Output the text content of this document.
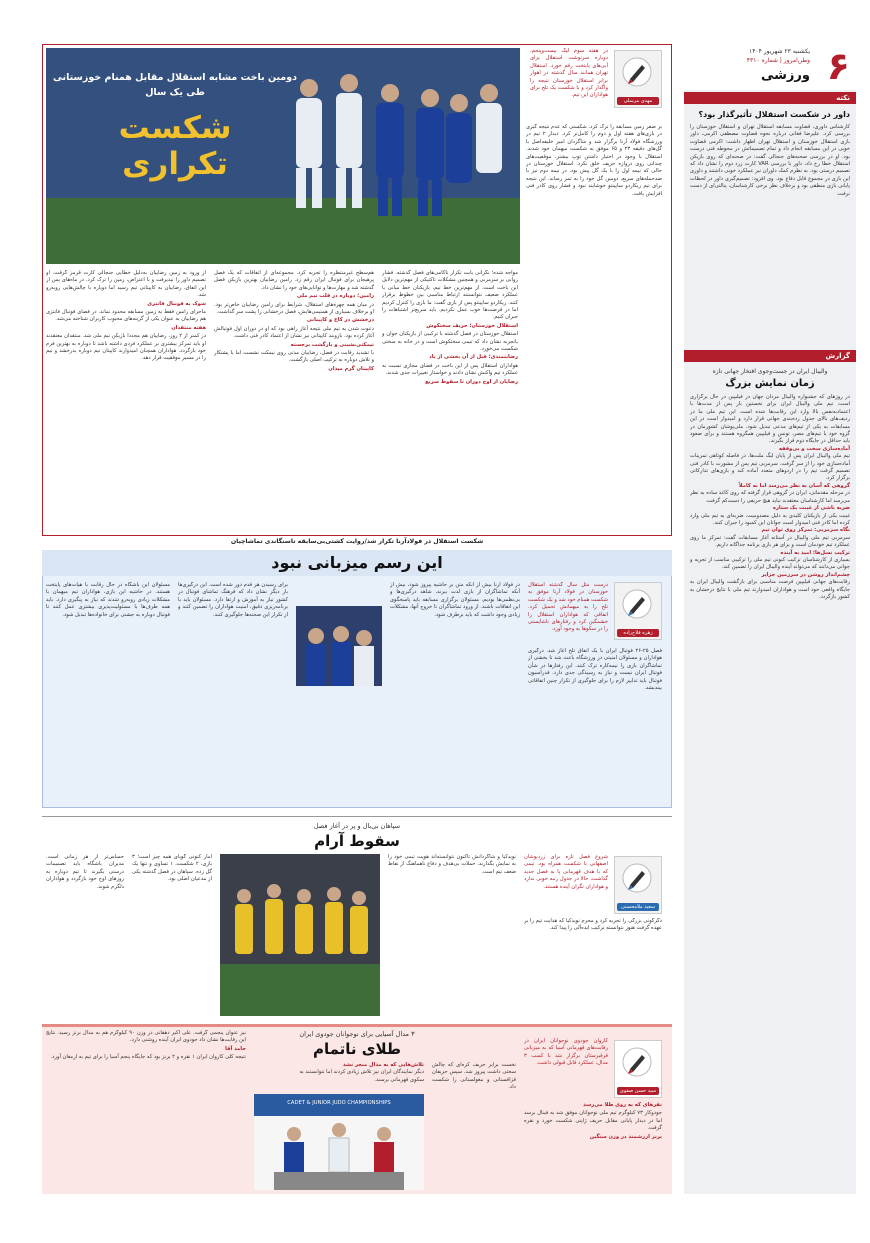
۶
یکشنبه ۲۳ شهریور ۱۴۰۴
وطن‌امروز | شماره ۴۳۱۰
ورزشی
نکته
داور در شکست استقلال تأثیرگذار بود؟
کارشناس داوری، قضاوت مسابقه استقلال تهران و استقلال خوزستان را بررسی کرد. علیرضا فغانی درباره نحوه قضاوت مصطفی اکرمی، داور بازی استقلال خوزستان و استقلال تهران اظهار داشت: اکرمی قضاوت خوبی در این مسابقه انجام داد و تمام تصمیماتش در محوطه فنی درست بود. او در بررسی صحنه‌های جنجالی گفت: در صحنه‌ای که روی بازیکن استقلال خطا رخ داد، داور با بررسی VAR کارت زرد دوم را نشان داد که تصمیم درستی بود. به نظرم کمک داوران نیز عملکرد خوبی داشتند و داوری این بازی در مجموع قابل دفاع بود. وی افزود: تصمیم‌گیری داور در لحظات پایانی بازی منطقی بود و برخلاف نظر برخی کارشناسان، پنالتی‌ای از دست نرفت.
گزارش
والیبال ایران در جست‌وجوی افتخار جهانی تازه
زمان نمایش بزرگ

در روزهای که جشنواره والیبال مردان جهان در فیلیپین در حال برگزاری است، تیم ملی والیبال ایران برای نخستین بار پس از مدت‌ها با اعتمادبه‌نفس بالا وارد این رقابت‌ها شده است. این تیم ملی ما در ردیف‌های بالای جدول رده‌بندی جهانی قرار دارد و امیدوار است در این مسابقات به یکی از تیم‌های مدعی تبدیل شود. ملی‌پوشان کشورمان در گروه خود با تیم‌های مصر، تونس و فیلیپین همگروه هستند و برای صعود باید حداقل در جایگاه دوم قرار بگیرند.

آماده‌سازی سخت و بی‌وقفه

تیم ملی والیبال ایران پس از پایان لیگ ملت‌ها، در فاصله کوتاهی تمرینات آماده‌سازی خود را از سر گرفت. سرمربی تیم پس از مشورت با کادر فنی تصمیم گرفت تیم را در اردوهای متعدد آماده کند و بازی‌های تدارکاتی برگزار کرد.

گروهی که آسان به نظر می‌رسد اما نه کاملاً

در مرحله مقدماتی، ایران در گروهی قرار گرفته که روی کاغذ ساده به نظر می‌رسد اما کارشناسان معتقدند نباید هیچ حریفی را دست‌کم گرفت.

ضربه ناشی از غیبت یک ستاره

غیبت یکی از بازیکنان کلیدی به دلیل مصدومیت، ضربه‌ای به تیم ملی وارد کرده اما کادر فنی امیدوار است جوانان این کمبود را جبران کنند.

نگاه سرمربی: تمرکز روی توان تیم

سرمربی تیم ملی والیبال در آستانه آغاز مسابقات گفت: تمرکز ما روی عملکرد تیم خودمان است و برای هر بازی برنامه جداگانه داریم.

ترکیب نسل‌ها؛ امید به آینده

بسیاری از کارشناسان ترکیب کنونی تیم ملی را ترکیبی مناسب از تجربه و جوانی می‌دانند که می‌تواند آینده والیبال ایران را تضمین کند.

چشم‌انداز روشن در سرزمین جزایر

رقابت‌های جهانی فیلیپین فرصت مناسبی برای بازگشت والیبال ایران به جایگاه واقعی خود است و هواداران امیدوارند تیم ملی با نتایج درخشان به کشور بازگردد.

مهدی مرسلی
در هفته سوم لیگ بیست‌وپنجم، دوباره سرنوشت استقلال برای آبی‌های پایتخت رقم خورد. استقلال تهران همانند سال گذشته در اهواز برابر استقلال خوزستان نتیجه را واگذار کرد و با شکست یک تلخ برای هواداران این تیم.
دومین باخت مشابه استقلال مقابل همنام خوزستانی طی یک سال
شکست تکراری

بر صفر زمین مسابقه را ترک کرد. شکستی که عدم نتیجه گیری در بازی‌های هفته اول و دوم را کامل‌تر کرد. دیدار ۲ تیم در ورزشگاه فولاد آرنا برگزار شد و شاگردان امیر خلیفه‌اصل با گل‌های دقیقه ۲۳ و ۶۵ موفق به شکست میهمان خود شدند. استقلال با وجود در اختیار داشتن توپ بیشتر، موقعیت‌های چندانی روی دروازه حریف خلق نکرد. استقلال خوزستان در حالی که نیمه اول را با یک گل پیش بود، در نیمه دوم نیز با ضدحمله‌های سریع، دومین گل خود را به ثمر رساند. این نتیجه برای تیم ریکاردو ساپینتو خوشایند نبود و فشار روی کادر فنی افزایش یافت.

مواجه شده؛ نگرانی بابت تکرار ناکامی‌های فصل گذشته. فشار روانی بر سرمربی و همچنین مشکلات تاکتیکی از مهم‌ترین دلایل این باخت است. از مهم‌ترین خط تیم، بازیکنان خط میانی با عملکرد ضعیف نتوانستند ارتباط مناسبی بین خطوط برقرار کنند. ریکاردو ساپینتو پس از بازی گفت: ما بازی را کنترل کردیم اما در فرصت‌ها خوب عمل نکردیم. باید سریع‌تر اشتباهات را جبران کنیم.

استقلال خوزستان؛ حریف سختکوش

استقلال خوزستان در فصل گذشته با ترکیبی از بازیکنان جوان و باتجربه نشان داد که تیمی سختکوش است و در خانه به سختی شکست می‌خورد.

رضایتمندی؛ قبل از آن بخشی از یاد

هواداران استقلال پس از این باخت در فضای مجازی نسبت به عملکرد تیم واکنش نشان دادند و خواستار تغییرات جدی شدند.

رضایان از اوج دوران تا سقوط سریع

هم‌سطح غیرمنتظره را تجربه کرد. مجموعه‌ای از اتفاقات که یک فصل پرهیجان برای فوتبال ایران رقم زد. رامین رضاییان بهترین بازیکن فصل گذشته شد و مهارت‌ها و توانایی‌های خود را نشان داد.

رامین؛ دوباره در قلب تیم ملی

در میان همه چهره‌های استقلال، شرایط برای رامین رضاییان خاص‌تر بود. او برخلاف بسیاری از همتیمی‌هایش، فصل درخشانی را پشت سر گذاشت.

درخشش در کاخ و کاپیتانی

دعوت شدن به تیم ملی نتیجه آغاز راهی بود که او در دوران اول فوتبالش آغاز کرده بود. بازوبند کاپیتانی نیز نشان از اعتماد کادر فنی داشت.

تیمکتی‌نشینی و بازگشت برجسته

با تشدید رقابت در فصل، رضاییان مدتی روی نیمکت نشست اما با پشتکار و تلاش دوباره به ترکیب اصلی بازگشت.

کاپیتان گرم میدان

از ورود به زمین رضاییان به‌دلیل خطایی جنجالی کارت قرمز گرفت. او تصمیم داور را نپذیرفت و با اعتراض، زمین را ترک کرد. در ماه‌های پس از این اتفاق، رضاییان به کاپیتانی تیم رسید اما دوباره با چالش‌هایی روبه‌رو شد.

شوک به فوتبال فانتزی

ماجرای رامین فقط به زمین مسابقه محدود نماند. در فضای فوتبال فانتزی هم رضاییان به عنوان یکی از گزینه‌های محبوب کاربران شناخته می‌شد.

هفته منتقدان

در کمتر از ۲ روز، رضاییان هم مجددا بازیکن تیم ملی شد. منتقدان معتقدند او باید تمرکز بیشتری بر عملکرد فردی داشته باشد تا دوباره به بهترین فرم خود بازگردد. هواداران همچنان امیدوارند کاپیتان تیم دوباره بدرخشد و تیم را در مسیر موفقیت قرار دهد.

شکست استقلال در فولادآرنا تکرار شد/روایت کشتی‌بی‌سابقه تاسنگاندی تماشاچیان
این رسم میزبانی نبود
زهره فلاح‌زاده
درست مثل سال گذشته استقلال خوزستان در فولاد آرنا موفق به شکست همنام خود شد و یک شکست تلخ را به میهمانش تحمیل کرد. اتفاقی که هواداران استقلال را خشمگین کرد و رفتارهای ناشایستی را در سکوها به وجود آورد.
فصل ۲۵-۲۶ فوتبال ایران با یک اتفاق تلخ آغاز شد. درگیری هواداران و مسئولان امنیتی در ورزشگاه باعث شد تا بخشی از تماشاگران بازی را نیمه‌کاره ترک کنند. این رفتارها در شأن فوتبال ایران نیست و نیاز به رسیدگی جدی دارد. فدراسیون فوتبال باید تدابیر لازم را برای جلوگیری از تکرار چنین اتفاقاتی بیندیشد.
در فولاد آرنا بیش از آنکه متن بر حاشیه پیروز شود، بیش از آنکه تماشاگران از بازی لذت ببرند، شاهد درگیری‌ها و بی‌نظمی‌ها بودیم. مسئولان برگزاری مسابقه باید پاسخگوی این اتفاقات باشند. از ورود تماشاگران تا خروج آنها، مشکلات زیادی وجود داشت که باید برطرف شود.
برای رسیدن هر قدم دور شده است. این درگیری‌ها بار دیگر نشان داد که فرهنگ تماشای فوتبال در کشور نیاز به آموزش و ارتقا دارد. مسئولان باید با برنامه‌ریزی دقیق، امنیت هواداران را تضمین کنند و از تکرار این صحنه‌ها جلوگیری کنند.
مسئولان این باشگاه در حال رقابت با هیأت‌های پایتخت هستند. در حاشیه این بازی، هواداران تیم میهمان با مشکلات زیادی روبه‌رو شدند که نیاز به پیگیری دارد. باید همه طرف‌ها با مسئولیت‌پذیری بیشتری عمل کنند تا فوتبال دوباره به جشنی برای خانواده‌ها تبدیل شود.
سپاهان بی‌بال و پر در آغاز فصل
سقوط آرام
سعید ملامحسنی
شروع فصل تازه برای زردپوشان اصفهانی با شکست همراه بود. تیمی که با هدف قهرمانی پا به فصل جدید گذاشت، حالا در جدول رتبه خوبی ندارد و هواداران نگران آینده هستند.
دگرگونی بزرگی را تجربه کرد و محرم نویدکیا که هدایت تیم را بر عهده گرفت هنوز نتوانسته ترکیب ایده‌آلی را پیدا کند.
نویدکیا و شاگردانش تاکنون نتوانسته‌اند هویت تیمی خود را به نمایش بگذارند. حملات بی‌هدف و دفاع ناهماهنگ از نقاط ضعف تیم است.
آمار کنونی گویای همه چیز است؛ ۳ بازی، ۲ شکست، ۱ تساوی و تنها یک گل زده. سپاهان در فصل گذشته یکی از مدعیان اصلی بود.
حساس‌تر از هر زمانی است. مدیران باشگاه باید تصمیمات درستی بگیرند تا تیم دوباره به روزهای اوج خود بازگردد و هواداران دلگرم شوند.
۳ مدال آسیایی برای نوجوانان جودوی ایران
طلای ناتمام
سید حسن صفوی
کاروان جودوی نوجوانان ایران در رقابت‌های قهرمانی آسیا که به میزبانی قرقیزستان برگزار شد با کسب ۳ مدال، عملکرد قابل قبولی داشت.

نفرهای که به روی طلا می‌رسد

جودوکار ۷۳ کیلوگرم تیم ملی نوجوانان موفق شد به فینال برسد اما در دیدار پایانی مقابل حریف ژاپنی شکست خورد و نقره گرفت.

برنز ارزشمند در وزن سنگین

نخست برابر حریف کره‌ای که چالش سختی داشت پیروز شد. سپس حریفان قزاقستانی و مغولستانی را شکست داد.

تلاش‌هایی که به مدال منجر نشد

دیگر نمایندگان ایران نیز تلاش زیادی کردند اما نتوانستند به سکوی قهرمانی برسند.

CADET & JUNIOR JUDO CHAMPIONSHIPS

نیز عنوان پنجمی گرفت. علی اکبر دهقانی در وزن ۹۰ کیلوگرم هم به مدال برنز رسید. نتایج این رقابت‌ها نشان داد جودوی ایران آینده روشنی دارد.

حامد آقا

نتیجه کلی کاروان ایران ۱ نقره و ۲ برنز بود که جایگاه پنجم آسیا را برای تیم به ارمغان آورد.
